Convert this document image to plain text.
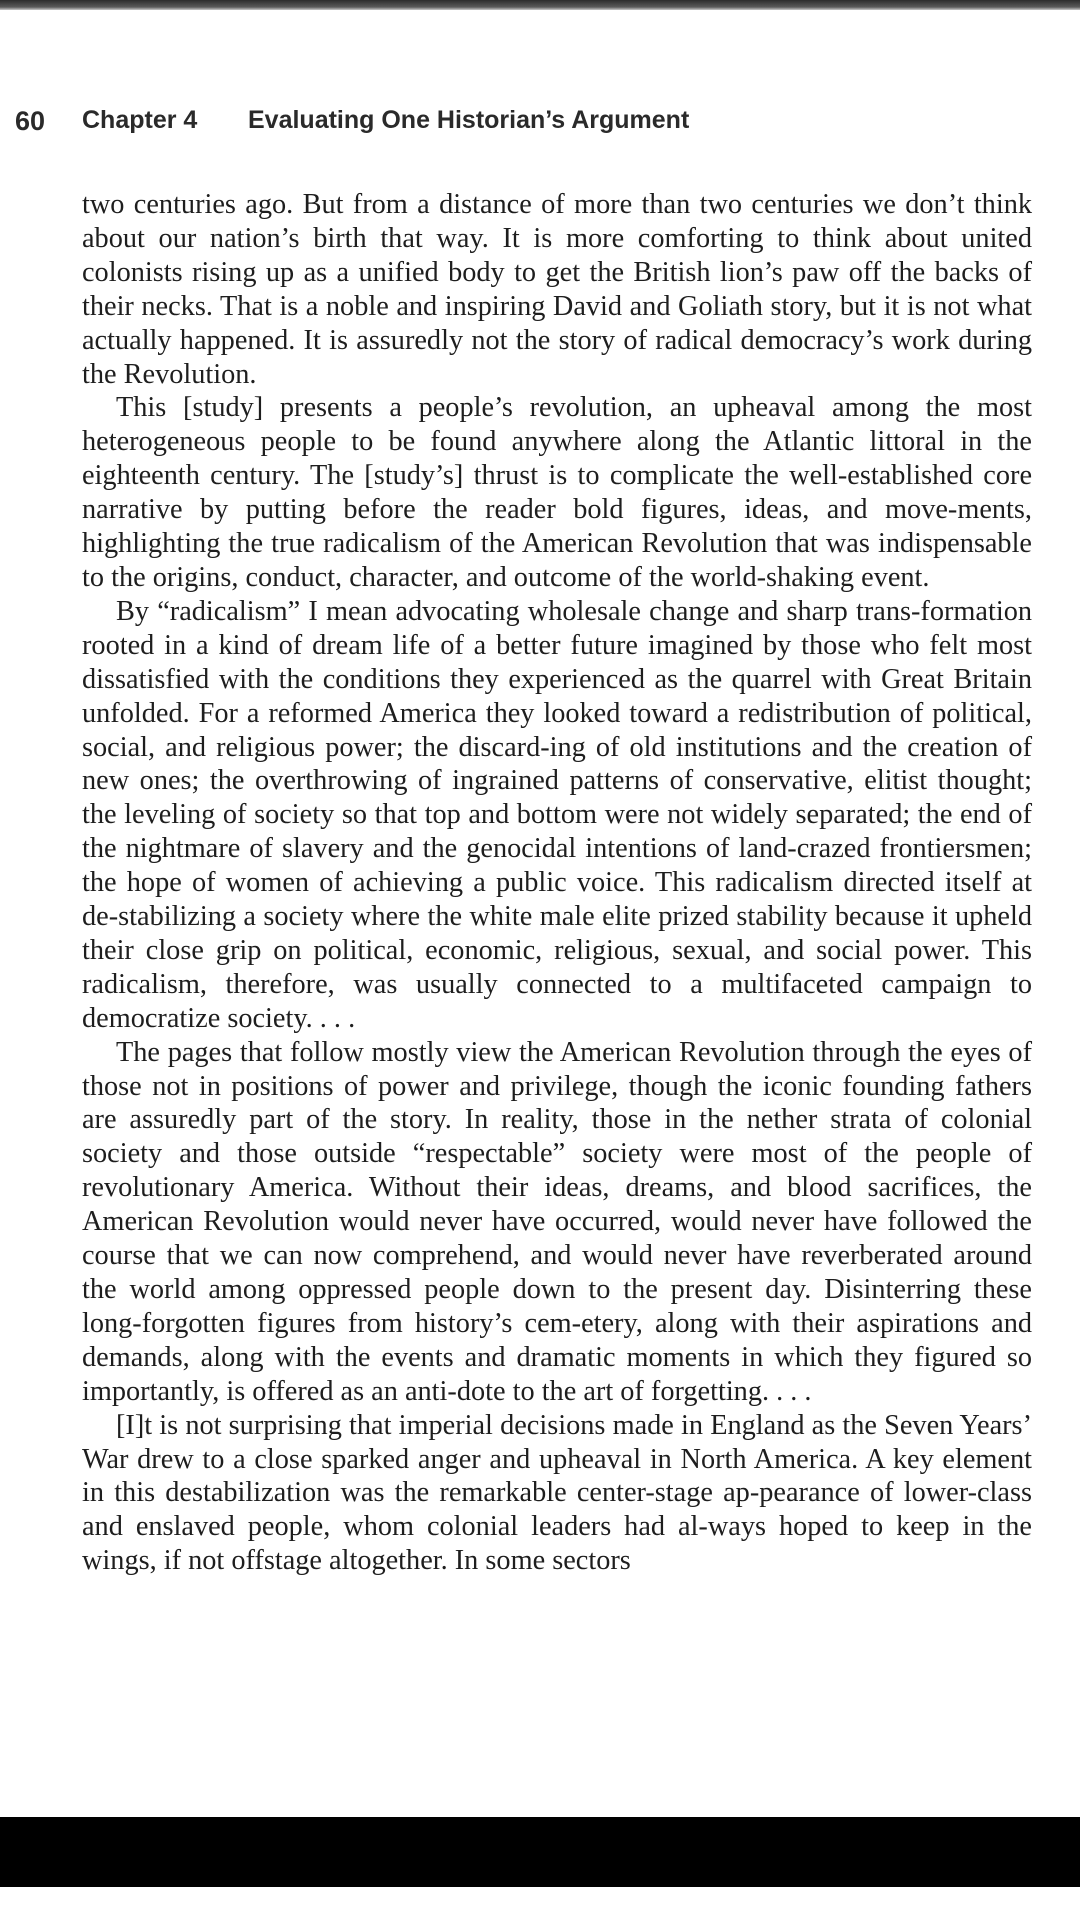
60 Chapter 4 Evaluating One Historian’s Argument

two centuries ago. But from a distance of more than two centuries we don’t think about our nation’s birth that way. It is more comforting to think about united colonists rising up as a unified body to get the British lion’s paw off the backs of their necks. That is a noble and inspiring David and Goliath story, but it is not what actually happened. It is assuredly not the story of radical democracy’s work during the Revolution.

This [study] presents a people’s revolution, an upheaval among the most heterogeneous people to be found anywhere along the Atlantic littoral in the eighteenth century. The [study’s] thrust is to complicate the well-established core narrative by putting before the reader bold figures, ideas, and move-ments, highlighting the true radicalism of the American Revolution that was indispensable to the origins, conduct, character, and outcome of the world-shaking event.

By “radicalism” I mean advocating wholesale change and sharp trans-formation rooted in a kind of dream life of a better future imagined by those who felt most dissatisfied with the conditions they experienced as the quarrel with Great Britain unfolded. For a reformed America they looked toward a redistribution of political, social, and religious power; the discard-ing of old institutions and the creation of new ones; the overthrowing of ingrained patterns of conservative, elitist thought; the leveling of society so that top and bottom were not widely separated; the end of the nightmare of slavery and the genocidal intentions of land-crazed frontiersmen; the hope of women of achieving a public voice. This radicalism directed itself at de-stabilizing a society where the white male elite prized stability because it upheld their close grip on political, economic, religious, sexual, and social power. This radicalism, therefore, was usually connected to a multifaceted campaign to democratize society. . . .

The pages that follow mostly view the American Revolution through the eyes of those not in positions of power and privilege, though the iconic founding fathers are assuredly part of the story. In reality, those in the nether strata of colonial society and those outside “respectable” society were most of the people of revolutionary America. Without their ideas, dreams, and blood sacrifices, the American Revolution would never have occurred, would never have followed the course that we can now comprehend, and would never have reverberated around the world among oppressed people down to the present day. Disinterring these long-forgotten figures from history’s cem-etery, along with their aspirations and demands, along with the events and dramatic moments in which they figured so importantly, is offered as an anti-dote to the art of forgetting. . . .

[I]t is not surprising that imperial decisions made in England as the Seven Years’ War drew to a close sparked anger and upheaval in North America. A key element in this destabilization was the remarkable center-stage ap-pearance of lower-class and enslaved people, whom colonial leaders had al-ways hoped to keep in the wings, if not offstage altogether. In some sectors
